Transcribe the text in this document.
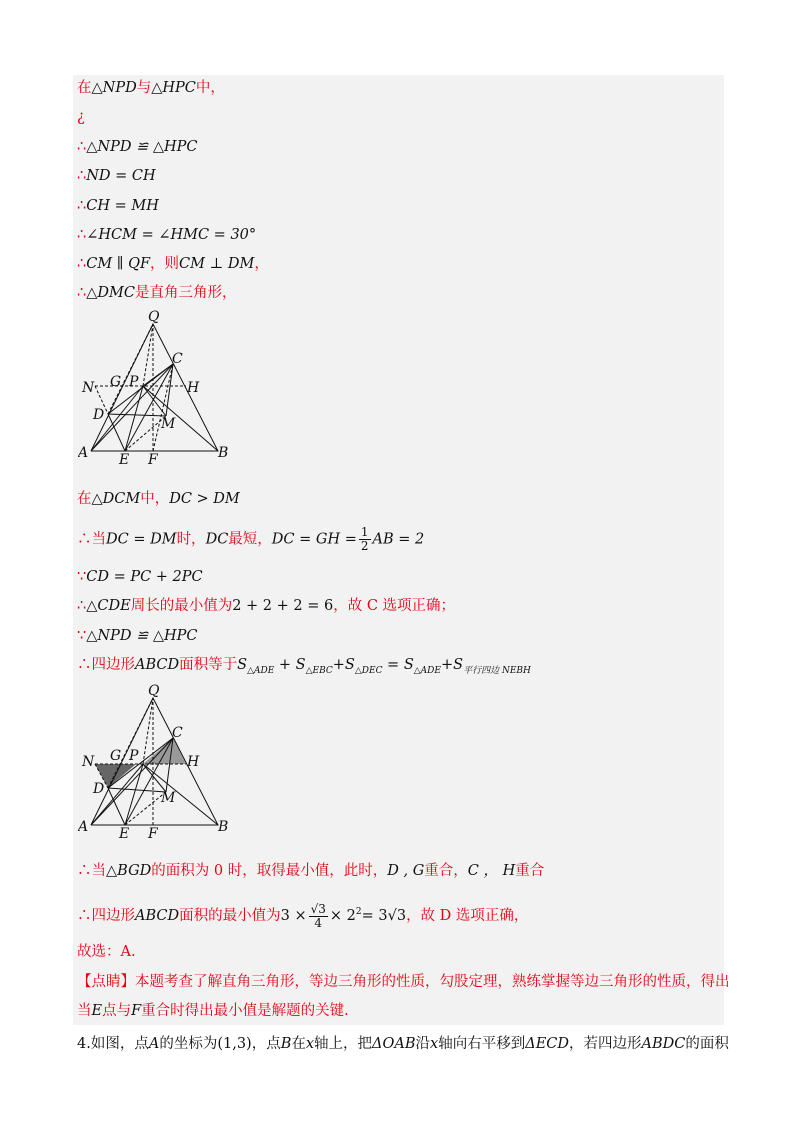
在△NPD与△HPC中，
¿
∴△NPD ≌ △HPC
∴ND = CH
∴CH = MH
∴∠HCM = ∠HMC = 30°
∴CM ∥ QF，则CM ⊥ DM，
∴△DMC是直角三角形，
Q
C
N G P	H
D
M
A E F	B
在△DCM中，DC > DM
∴当DC = DM时，DC最短，DC = GH = $\frac{1}{2}$ AB = 2
∵CD = PC + 2PC
∴△CDE周长的最小值为2 + 2 + 2 = 6，故 C 选项正确；
∵△NPD ≌ △HPC
∴四边形ABCD面积等于$S_{\triangle ADE} + S_{\triangle EBC}+S_{\triangle DEC} = S_{\triangle ADE}+S_{平行四边 NEBH}$
Q
C
N G P	H
D
M
A E F	B
∴当△BGD的面积为 0 时，取得最小值，此时，D , G重合，C ， H重合
∴四边形ABCD面积的最小值为$3 \times \frac{√3}{4} \times 2^2= 3√3$，故 D 选项正确，
故选：A.
【点睛】本题考查了解直角三角形，等边三角形的性质，勾股定理，熟练掌握等边三角形的性质，得出
当E点与F重合时得出最小值是解题的关键.
4.如图，点A的坐标为(1,3)，点B在x轴上，把ΔOAB沿x轴向右平移到ΔECD，若四边形ABDC的面积
